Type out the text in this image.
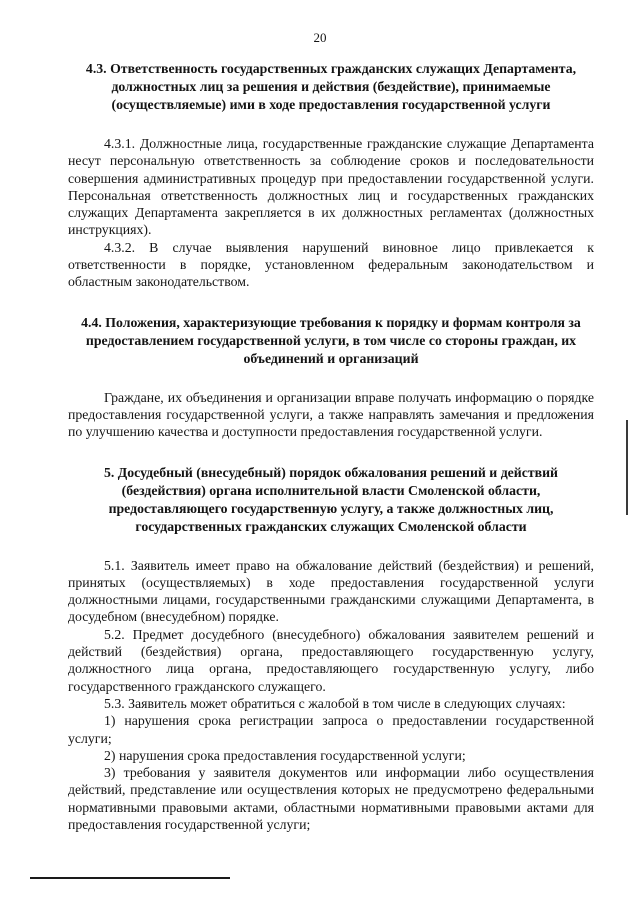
20

4.3. Ответственность государственных гражданских служащих Департамента, должностных лиц за решения и действия (бездействие), принимаемые (осуществляемые) ими в ходе предоставления государственной услуги

4.3.1. Должностные лица, государственные гражданские служащие Департамента несут персональную ответственность за соблюдение сроков и последовательности совершения административных процедур при предоставлении государственной услуги. Персональная ответственность должностных лиц и государственных гражданских служащих Департамента закрепляется в их должностных регламентах (должностных инструкциях).

4.3.2. В случае выявления нарушений виновное лицо привлекается к ответственности в порядке, установленном федеральным законодательством и областным законодательством.

4.4. Положения, характеризующие требования к порядку и формам контроля за предоставлением государственной услуги, в том числе со стороны граждан, их объединений и организаций

Граждане, их объединения и организации вправе получать информацию о порядке предоставления государственной услуги, а также направлять замечания и предложения по улучшению качества и доступности предоставления государственной услуги.

5. Досудебный (внесудебный) порядок обжалования решений и действий (бездействия) органа исполнительной власти Смоленской области, предоставляющего государственную услугу, а также должностных лиц, государственных гражданских служащих Смоленской области

5.1. Заявитель имеет право на обжалование действий (бездействия) и решений, принятых (осуществляемых) в ходе предоставления государственной услуги должностными лицами, государственными гражданскими служащими Департамента, в досудебном (внесудебном) порядке.

5.2. Предмет досудебного (внесудебного) обжалования заявителем решений и действий (бездействия) органа, предоставляющего государственную услугу, должностного лица органа, предоставляющего государственную услугу, либо государственного гражданского служащего.

5.3. Заявитель может обратиться с жалобой в том числе в следующих случаях:

1) нарушения срока регистрации запроса о предоставлении государственной услуги;

2) нарушения срока предоставления государственной услуги;

3) требования у заявителя документов или информации либо осуществления действий, представление или осуществления которых не предусмотрено федеральными нормативными правовыми актами, областными нормативными правовыми актами для предоставления государственной услуги;
